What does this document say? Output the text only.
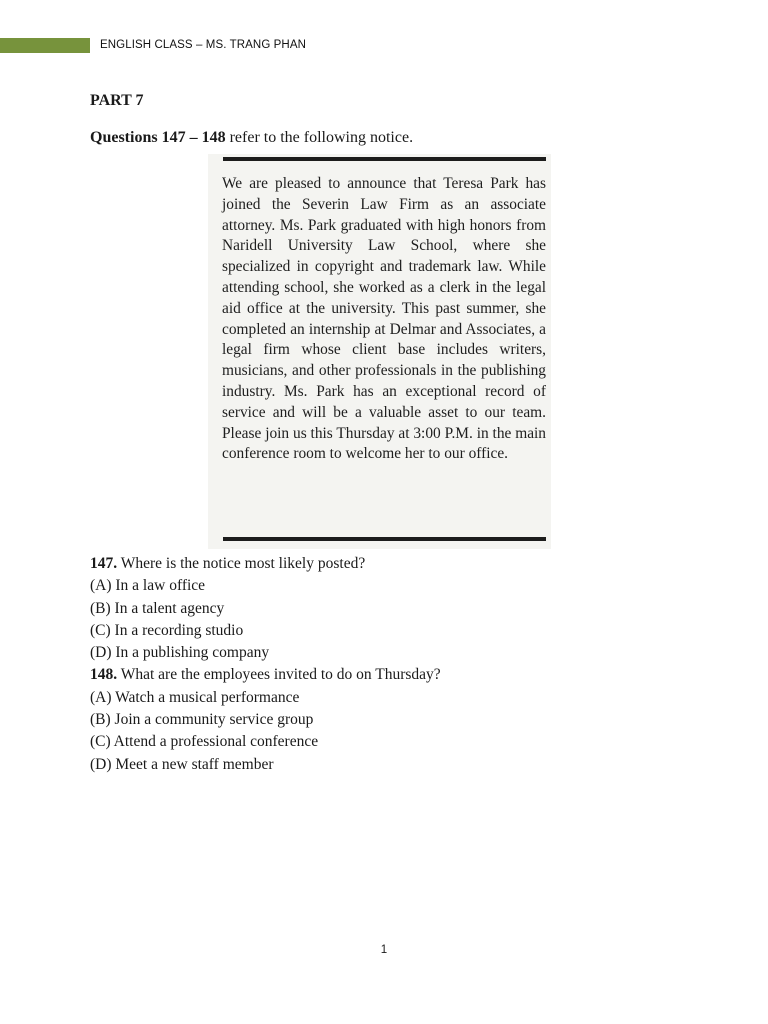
ENGLISH CLASS – MS. TRANG PHAN
PART 7
Questions 147 – 148 refer to the following notice.

We are pleased to announce that Teresa Park has joined the Severin Law Firm as an associate attorney. Ms. Park graduated with high honors from Naridell University Law School, where she specialized in copyright and trademark law. While attending school, she worked as a clerk in the legal aid office at the university. This past summer, she completed an internship at Delmar and Associates, a legal firm whose client base includes writers, musicians, and other professionals in the publishing industry. Ms. Park has an exceptional record of service and will be a valuable asset to our team. Please join us this Thursday at 3:00 P.M. in the main conference room to welcome her to our office.

147. Where is the notice most likely posted?

(A) In a law office

(B) In a talent agency

(C) In a recording studio

(D) In a publishing company

148. What are the employees invited to do on Thursday?

(A) Watch a musical performance

(B) Join a community service group

(C) Attend a professional conference

(D) Meet a new staff member

1
